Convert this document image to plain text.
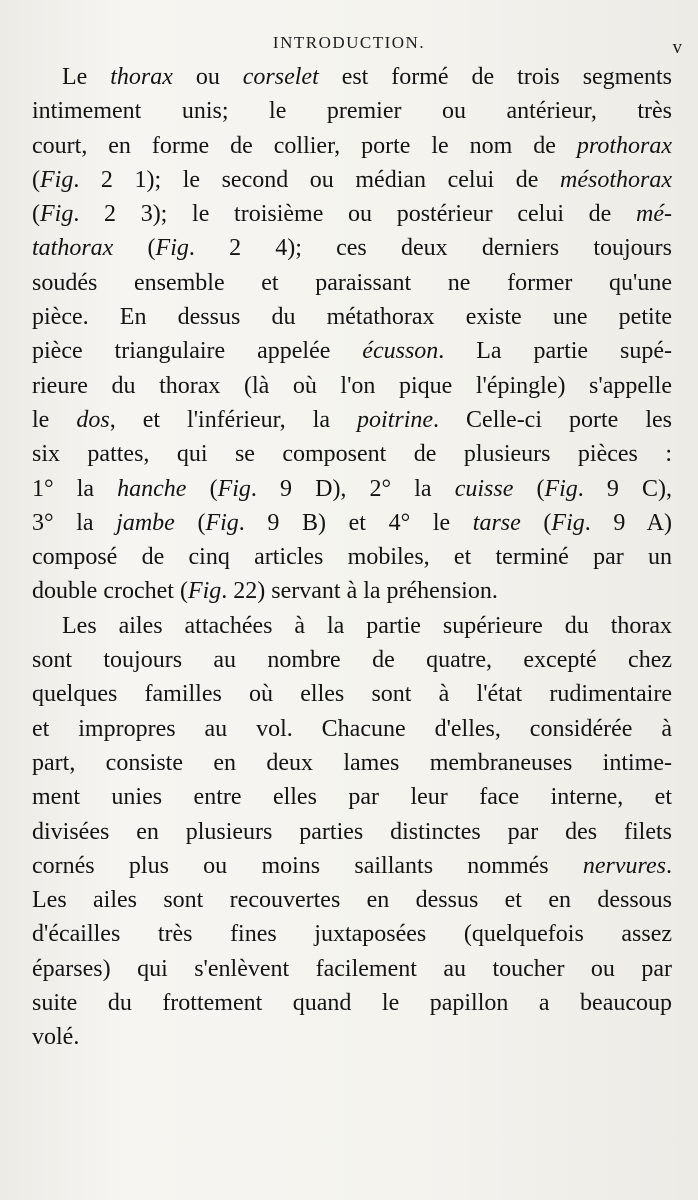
INTRODUCTION.	v
Le thorax ou corselet est formé de trois segments
intimement unis; le premier ou antérieur, très
court, en forme de collier, porte le nom de prothorax
(Fig. 2 1); le second ou médian celui de mésothorax
(Fig. 2 3); le troisième ou postérieur celui de mé-
tathorax (Fig. 2 4); ces deux derniers toujours
soudés ensemble et paraissant ne former qu'une
pièce. En dessus du métathorax existe une petite
pièce triangulaire appelée écusson. La partie supé-
rieure du thorax (là où l'on pique l'épingle) s'appelle
le dos, et l'inférieur, la poitrine. Celle-ci porte les
six pattes, qui se composent de plusieurs pièces :
1° la hanche (Fig. 9 D), 2° la cuisse (Fig. 9 C),
3° la jambe (Fig. 9 B) et 4° le tarse (Fig. 9 A)
composé de cinq articles mobiles, et terminé par un
double crochet (Fig. 22) servant à la préhension.
Les ailes attachées à la partie supérieure du thorax
sont toujours au nombre de quatre, excepté chez
quelques familles où elles sont à l'état rudimentaire
et impropres au vol. Chacune d'elles, considérée à
part, consiste en deux lames membraneuses intime-
ment unies entre elles par leur face interne, et
divisées en plusieurs parties distinctes par des filets
cornés plus ou moins saillants nommés nervures.
Les ailes sont recouvertes en dessus et en dessous
d'écailles très fines juxtaposées (quelquefois assez
éparses) qui s'enlèvent facilement au toucher ou par
suite du frottement quand le papillon a beaucoup
volé.
